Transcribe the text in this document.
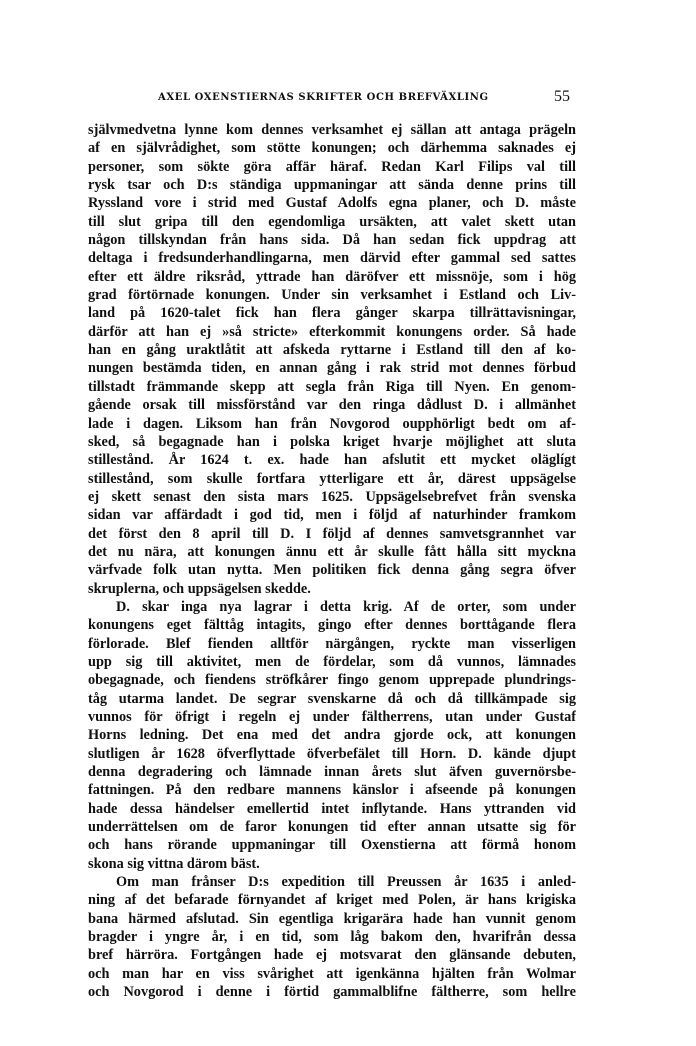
AXEL OXENSTIERNAS SKRIFTER OCH BREFVÄXLING	55
självmedvetna lynne kom dennes verksamhet ej sällan att antaga prägeln
af en självrådighet, som stötte konungen; och därhemma saknades ej
personer, som sökte göra affär häraf. Redan Karl Filips val till
rysk tsar och D:s ständiga uppmaningar att sända denne prins till
Ryssland vore i strid med Gustaf Adolfs egna planer, och D. måste
till slut gripa till den egendomliga ursäkten, att valet skett utan
någon tillskyndan från hans sida. Då han sedan fick uppdrag att
deltaga i fredsunderhandlingarna, men därvid efter gammal sed sattes
efter ett äldre riksråd, yttrade han däröfver ett missnöje, som i hög
grad förtörnade konungen. Under sin verksamhet i Estland och Liv-
land på 1620-talet fick han flera gånger skarpa tillrättavisningar,
därför att han ej »så stricte» efterkommit konungens order. Så hade
han en gång uraktlåtit att afskeda ryttarne i Estland till den af ko-
nungen bestämda tiden, en annan gång i rak strid mot dennes förbud
tillstadt främmande skepp att segla från Riga till Nyen. En genom-
gående orsak till missförstånd var den ringa dådlust D. i allmänhet
lade i dagen. Liksom han från Novgorod oupphörligt bedt om af-
sked, så begagnade han i polska kriget hvarje möjlighet att sluta
stillestånd. År 1624 t. ex. hade han afslutit ett mycket oläglígt
stillestånd, som skulle fortfara ytterligare ett år, därest uppsägelse
ej skett senast den sista mars 1625. Uppsägelsebrefvet från svenska
sidan var affärdadt i god tid, men i följd af naturhinder framkom
det först den 8 april till D. I följd af dennes samvetsgrannhet var
det nu nära, att konungen ännu ett år skulle fått hålla sitt myckna
värfvade folk utan nytta. Men politiken fick denna gång segra öfver
skruplerna, och uppsägelsen skedde.
D. skar inga nya lagrar i detta krig. Af de orter, som under
konungens eget fälttåg intagits, gingo efter dennes borttågande flera
förlorade. Blef fienden alltför närgången, ryckte man visserligen
upp sig till aktivitet, men de fördelar, som då vunnos, lämnades
obegagnade, och fiendens ströfkårer fingo genom upprepade plundrings-
tåg utarma landet. De segrar svenskarne då och då tillkämpade sig
vunnos för öfrigt i regeln ej under fältherrens, utan under Gustaf
Horns ledning. Det ena med det andra gjorde ock, att konungen
slutligen år 1628 öfverflyttade öfverbefälet till Horn. D. kände djupt
denna degradering och lämnade innan årets slut äfven guvernörsbe-
fattningen. På den redbare mannens känslor i afseende på konungen
hade dessa händelser emellertid intet inflytande. Hans yttranden vid
underrättelsen om de faror konungen tid efter annan utsatte sig för
och hans rörande uppmaningar till Oxenstierna att förmå honom
skona sig vittna därom bäst.
Om man frånser D:s expedition till Preussen år 1635 i anled-
ning af det befarade förnyandet af kriget med Polen, är hans krigiska
bana härmed afslutad. Sin egentliga krigarära hade han vunnit genom
bragder i yngre år, i en tid, som låg bakom den, hvarifrån dessa
bref härröra. Fortgången hade ej motsvarat den glänsande debuten,
och man har en viss svårighet att igenkänna hjälten från Wolmar
och Novgorod i denne i förtid gammalblifne fältherre, som hellre
